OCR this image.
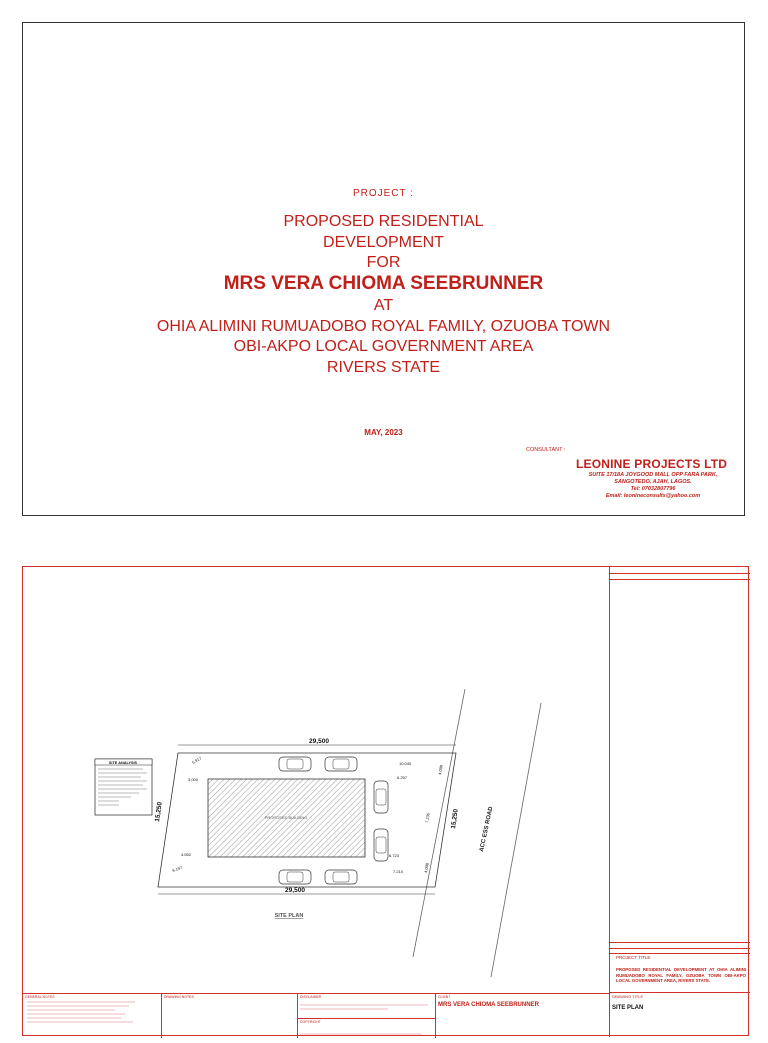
PROJECT :
PROPOSED RESIDENTIAL
DEVELOPMENT
FOR
MRS VERA CHIOMA SEEBRUNNER
AT
OHIA ALIMINI RUMUADOBO ROYAL FAMILY, OZUOBA TOWN
OBI-AKPO LOCAL GOVERNMENT AREA
RIVERS STATE
MAY, 2023
CONSULTANT :
LEONINE PROJECTS LTD
SUITE 17/18A JOYGOOD MALL OPP FARA PARK,
SANGOTEDO, AJAH, LAGOS.
Tel: 07032807796
Email: leonineconsults@yahoo.com
ACC ESS ROAD
PROPOSED BUILDING
29,500
29,500
15,250	15,250
3.000
4.552
6.257
10.040
6.723
7.210
4.000
4.000
5.917
6.197
7.235
SITE ANALYSIS
SITE PLAN
PROJECT TITLE
PROPOSED RESIDENTIAL DEVELOPMENT AT OHIA ALIMINI RUMUADOBO ROYAL FAMILY, OZUOBA TOWN OBI-AKPO LOCAL GOVERNMENT AREA, RIVERS STATE.
DRAWING TITLE
SITE PLAN
GENERAL NOTES	DRAWING NOTES	DISCLAIMER
COPYRIGHT
CLIENT
MRS VERA CHIOMA SEEBRUNNER
